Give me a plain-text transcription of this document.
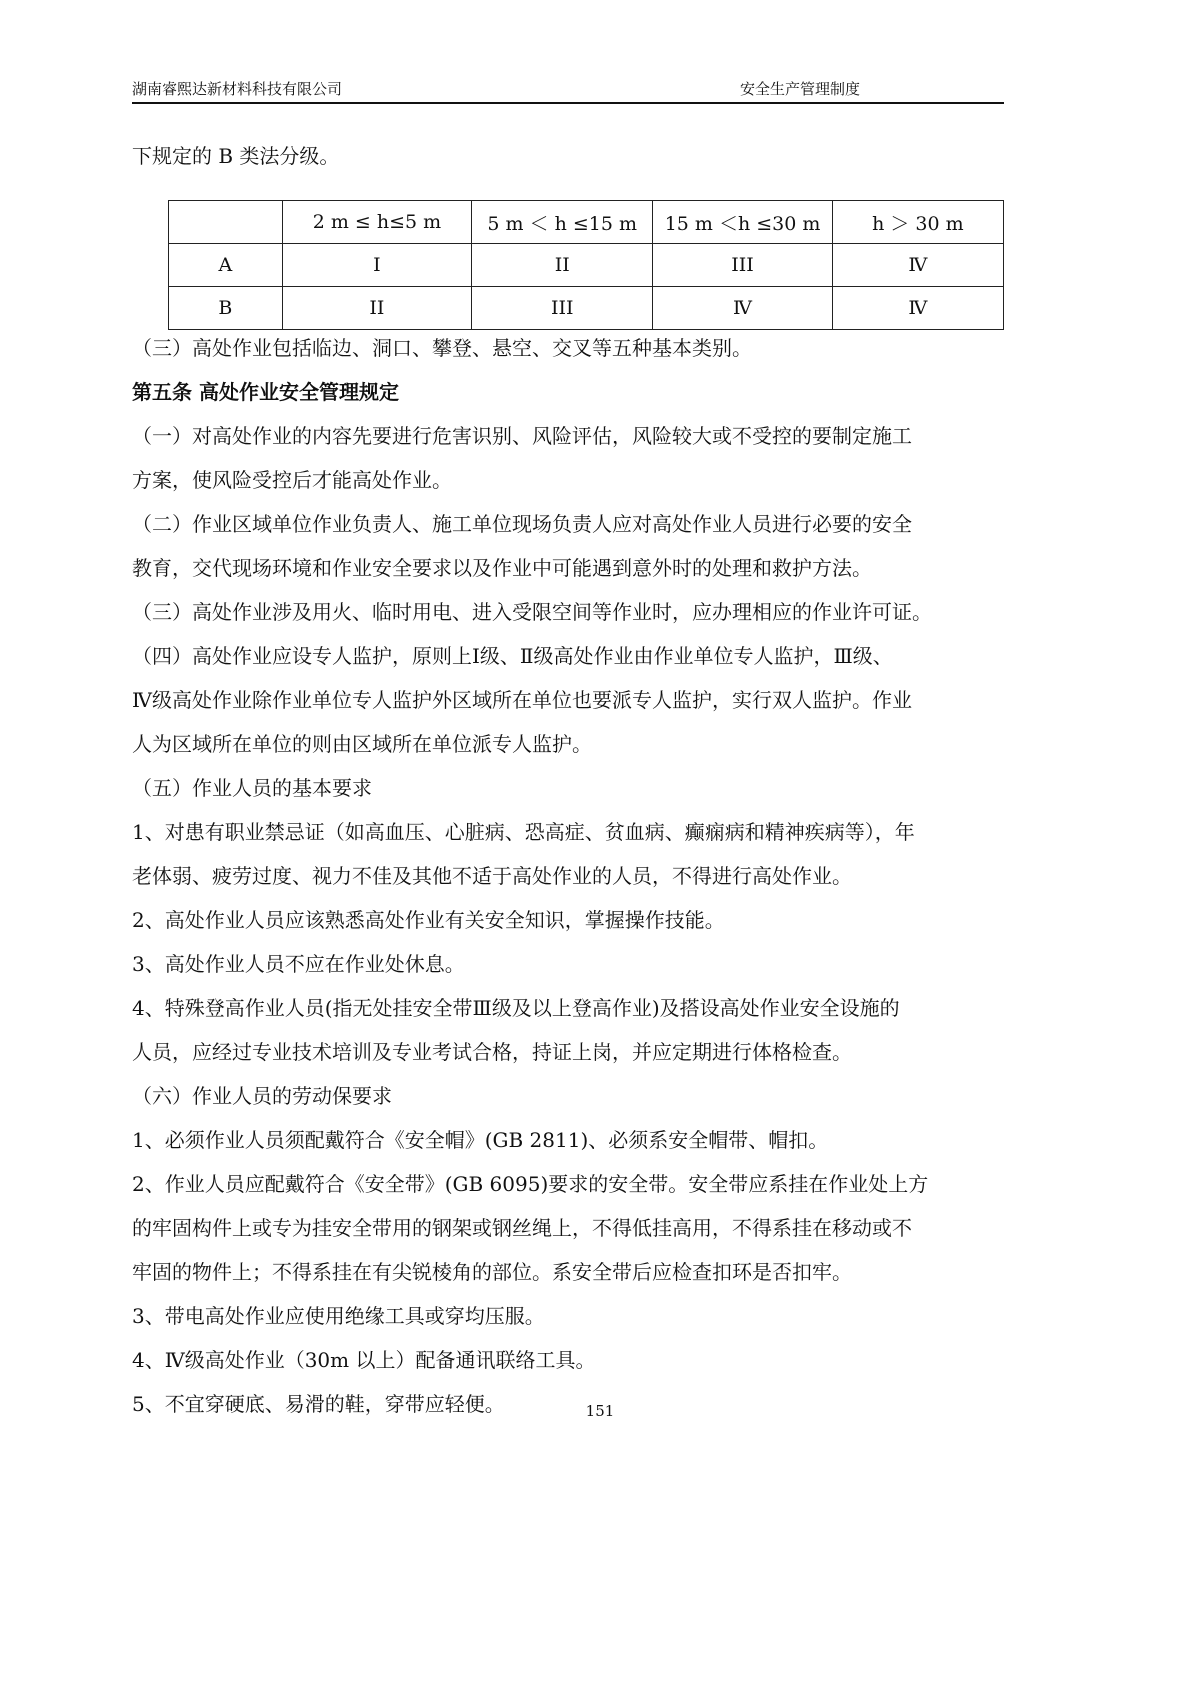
湖南睿熙达新材料科技有限公司	安全生产管理制度
下规定的 B 类法分级。
	2 m ≤ h≤5 m	5 m ＜ h ≤15 m	15 m ＜h ≤30 m	h ＞ 30 m
A	I	II	III	Ⅳ
B	II	III	Ⅳ	Ⅳ
（三）高处作业包括临边、洞口、攀登、悬空、交叉等五种基本类别。
第五条 高处作业安全管理规定
（一）对高处作业的内容先要进行危害识别、风险评估，风险较大或不受控的要制定施工
方案，使风险受控后才能高处作业。
（二）作业区域单位作业负责人、施工单位现场负责人应对高处作业人员进行必要的安全
教育，交代现场环境和作业安全要求以及作业中可能遇到意外时的处理和救护方法。
（三）高处作业涉及用火、临时用电、进入受限空间等作业时，应办理相应的作业许可证。
（四）高处作业应设专人监护，原则上Ⅰ级、Ⅱ级高处作业由作业单位专人监护，Ⅲ级、
Ⅳ级高处作业除作业单位专人监护外区域所在单位也要派专人监护，实行双人监护。作业
人为区域所在单位的则由区域所在单位派专人监护。
（五）作业人员的基本要求
1、对患有职业禁忌证（如高血压、心脏病、恐高症、贫血病、癫痫病和精神疾病等），年
老体弱、疲劳过度、视力不佳及其他不适于高处作业的人员，不得进行高处作业。
2、高处作业人员应该熟悉高处作业有关安全知识，掌握操作技能。
3、高处作业人员不应在作业处休息。
4、特殊登高作业人员(指无处挂安全带Ⅲ级及以上登高作业)及搭设高处作业安全设施的
人员，应经过专业技术培训及专业考试合格，持证上岗，并应定期进行体格检查。
（六）作业人员的劳动保要求
1、必须作业人员须配戴符合《安全帽》(GB 2811)、必须系安全帽带、帽扣。
2、作业人员应配戴符合《安全带》(GB 6095)要求的安全带。安全带应系挂在作业处上方
的牢固构件上或专为挂安全带用的钢架或钢丝绳上，不得低挂高用，不得系挂在移动或不
牢固的物件上；不得系挂在有尖锐棱角的部位。系安全带后应检查扣环是否扣牢。
3、带电高处作业应使用绝缘工具或穿均压服。
4、Ⅳ级高处作业（30m 以上）配备通讯联络工具。
5、不宜穿硬底、易滑的鞋，穿带应轻便。	151
